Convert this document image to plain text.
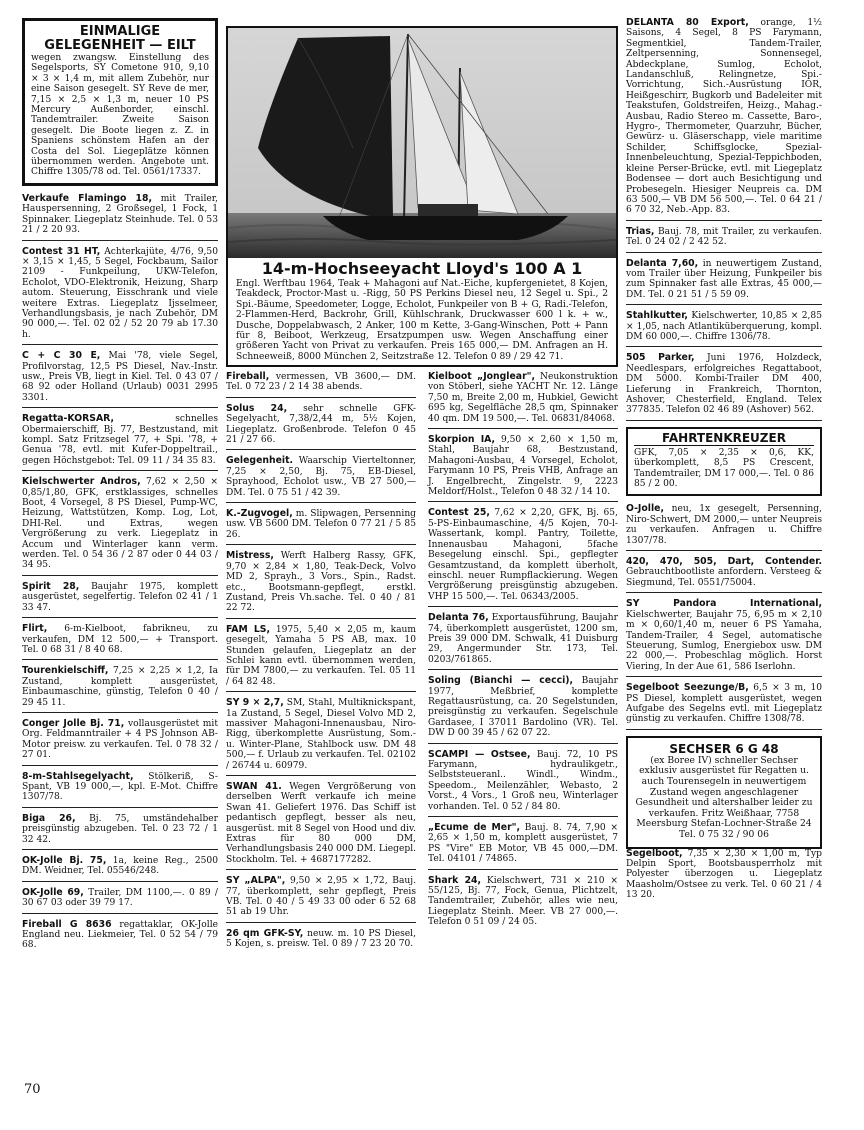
14-m-Hochseeyacht Lloyd's 100 A 1
Engl. Werftbau 1964, Teak + Mahagoni auf Nat.-Eiche, kupfergenietet, 8 Kojen, Teakdeck, Proctor-Mast u. -Rigg, 50 PS Perkins Diesel neu, 12 Segel u. Spi., 2 Spi.-Bäume, Speedometer, Logge, Echolot, Funkpeiler von B + G, Radi.-Telefon, 2-Flammen-Herd, Backrohr, Grill, Kühlschrank, Druckwasser 600 l k. + w., Dusche, Doppelabwasch, 2 Anker, 100 m Kette, 3-Gang-Winschen, Pott + Pann für 8, Beiboot, Werkzeug, Ersatzpumpen usw. Wegen Anschaffung einer größeren Yacht von Privat zu verkaufen. Preis 165 000,— DM. Anfragen an H. Schneeweiß, 8000 München 2, Seitzstraße 12. Telefon 0 89 / 29 42 71.
EINMALIGE GELEGENHEIT — EILT
wegen zwangsw. Einstellung des Segelsports, SY Cometone 910, 9,10 × 3 × 1,4 m, mit allem Zubehör, nur eine Saison gesegelt. SY Reve de mer, 7,15 × 2,5 × 1,3 m, neuer 10 PS Mercury Außenborder, einschl. Tandemtrailer. Zweite Saison gesegelt. Die Boote liegen z. Z. in Spaniens schönstem Hafen an der Costa del Sol. Liegeplätze können übernommen werden. Angebote unt. Chiffre 1305/78 od. Tel. 0561/17337.
Verkaufe Flamingo 18, mit Trailer, Hauspersenning, 2 Großsegel, 1 Fock, 1 Spinnaker. Liegeplatz Steinhude. Tel. 0 53 21 / 2 20 93.
Contest 31 HT, Achterkajüte, 4/76, 9,50 × 3,15 × 1,45, 5 Segel, Fockbaum, Sailor 2109 - Funkpeilung, UKW-Telefon, Echolot, VDO-Elektronik, Heizung, Sharp autom. Steuerung, Eisschrank und viele weitere Extras. Liegeplatz Ijsselmeer, Verhandlungsbasis, je nach Zubehör, DM 90 000,—. Tel. 02 02 / 52 20 79 ab 17.30 h.
C + C 30 E, Mai '78, viele Segel, Profilvorstag, 12,5 PS Diesel, Nav.-Instr. usw., Preis VB, liegt in Kiel. Tel. 0 43 07 / 68 92 oder Holland (Urlaub) 0031 2995 3301.
Regatta-KORSAR,	schnelles Obermaierschiff, Bj. 77, Bestzustand, mit kompl. Satz Fritzsegel 77, + Spi. '78, + Genua '78, evtl. mit Kufer-Doppeltrail., gegen Höchstgebot: Tel. 09 11 / 34 35 83.
Kielschwerter Andros, 7,62 × 2,50 × 0,85/1,80, GFK, erstklassiges, schnelles Boot, 4 Vorsegel, 8 PS Diesel, Pump-WC, Heizung, Wattstützen, Komp. Log, Lot, DHI-Rel. und Extras, wegen Vergrößerung zu verk. Liegeplatz in Accum und Winterlager kann verm. werden. Tel. 0 54 36 / 2 87 oder 0 44 03 / 34 95.
Spirit 28, Baujahr 1975, komplett ausgerüstet, segelfertig. Telefon 02 41 / 1 33 47.
Flirt, 6-m-Kielboot, fabrikneu, zu verkaufen, DM 12 500,— + Transport. Tel. 0 68 31 / 8 40 68.
Tourenkielschiff, 7,25 × 2,25 × 1,2, Ia Zustand, komplett ausgerüstet, Einbaumaschine, günstig, Telefon 0 40 / 29 45 11.
Conger Jolle Bj. 71, vollausgerüstet mit Org. Feldmanntrailer + 4 PS Johnson AB-Motor preisw. zu verkaufen. Tel. 0 78 32 / 27 01.
8-m-Stahlsegelyacht, Stölkeriß, S-Spant, VB 19 000,—, kpl. E-Mot. Chiffre 1307/78.
Biga 26, Bj. 75, umständehalber preisgünstig abzugeben. Tel. 0 23 72 / 1 32 42.
OK-Jolle Bj. 75, 1a, keine Reg., 2500 DM. Weidner, Tel. 05546/248.
OK-Jolle 69, Trailer, DM 1100,—. 0 89 / 30 67 03 oder 39 79 17.
Fireball G 8636 regattaklar, OK-Jolle England neu. Liekmeier, Tel. 0 52 54 / 79 68.
Fireball, vermessen, VB 3600,— DM. Tel. 0 72 23 / 2 14 38 abends.
Solus 24, sehr schnelle GFK-Segelyacht, 7,38/2,44 m, 5½ Kojen, Liegeplatz. Großenbrode. Telefon 0 45 21 / 27 66.
Gelegenheit. Waarschip Vierteltonner, 7,25 × 2,50, Bj. 75, EB-Diesel, Sprayhood, Echolot usw., VB 27 500,— DM. Tel. 0 75 51 / 42 39.
K.-Zugvogel, m. Slipwagen, Persenning usw. VB 5600 DM. Telefon 0 77 21 / 5 85 26.
Mistress, Werft Halberg Rassy, GFK, 9,70 × 2,84 × 1,80, Teak-Deck, Volvo MD 2, Sprayh., 3 Vors., Spin., Radst. etc., Bootsmann-gepflegt, erstkl. Zustand, Preis Vh.sache. Tel. 0 40 / 81 22 72.
FAM LS, 1975, 5,40 × 2,05 m, kaum gesegelt, Yamaha 5 PS AB, max. 10 Stunden gelaufen, Liegeplatz an der Schlei kann evtl. übernommen werden, für DM 7800,— zu verkaufen. Tel. 05 11 / 64 82 48.
SY 9 × 2,7, SM, Stahl, Multiknickspant, 1a Zustand, 5 Segel, Diesel Volvo MD 2, massiver Mahagoni-Innenausbau, Niro-Rigg, überkomplette Ausrüstung, Som.- u. Winter-Plane, Stahlbock usw. DM 48 500,— f. Urlaub zu verkaufen. Tel. 02102 / 26744 u. 60979.
SWAN 41. Wegen Vergrößerung von derselben Werft verkaufe ich meine Swan 41. Geliefert 1976. Das Schiff ist pedantisch gepflegt, besser als neu, ausgerüst. mit 8 Segel von Hood und div. Extras für 80 000 DM, Verhandlungsbasis 240 000 DM. Liegepl. Stockholm. Tel. + 4687177282.
SY „ALPA", 9,50 × 2,95 × 1,72, Bauj. 77, überkomplett, sehr gepflegt, Preis VB. Tel. 0 40 / 5 49 33 00 oder 6 52 68 51 ab 19 Uhr.
26 qm GFK-SY, neuw. m. 10 PS Diesel, 5 Kojen, s. preisw. Tel. 0 89 / 7 23 20 70.
Kielboot „Jonglear", Neukonstruktion von Stöberl, siehe YACHT Nr. 12. Länge 7,50 m, Breite 2,00 m, Hubkiel, Gewicht 695 kg, Segelfläche 28,5 qm, Spinnaker 40 qm. DM 19 500,—. Tel. 06831/84068.
Skorpion IA, 9,50 × 2,60 × 1,50 m, Stahl, Baujahr 68, Bestzustand, Mahagoni-Ausbau, 4 Vorsegel, Echolot, Farymann 10 PS, Preis VHB, Anfrage an J. Engelbrecht, Zingelstr. 9, 2223 Meldorf/Holst., Telefon 0 48 32 / 14 10.
Contest 25, 7,62 × 2,20, GFK, Bj. 65, 5-PS-Einbaumaschine, 4/5 Kojen, 70-l-Wassertank, kompl. Pantry, Toilette, Innenausbau Mahagoni, 5fache Besegelung einschl. Spi., gepflegter Gesamtzustand, da komplett überholt, einschl. neuer Rumpflackierung. Wegen Vergrößerung preisgünstig abzugeben. VHP 15 500,—. Tel. 06343/2005.
Delanta 76, Exportausführung, Baujahr 74, überkomplett ausgerüstet, 1200 sm, Preis 39 000 DM. Schwalk, 41 Duisburg 29, Angermunder Str. 173, Tel. 0203/761865.
Soling (Bianchi — cecci), Baujahr 1977, Meßbrief, komplette Regattausrüstung, ca. 20 Segelstunden, preisgünstig zu verkaufen. Segelschule Gardasee, I 37011 Bardolino (VR). Tel. DW D 00 39 45 / 62 07 22.
SCAMPI — Ostsee, Bauj. 72, 10 PS Farymann, hydraulikgetr., Selbststeueranl.. Windl., Windm., Speedom., Meilenzähler, Webasto, 2 Vorst., 4 Vors., 1 Groß neu, Winterlager vorhanden. Tel. 0 52 / 84 80.
„Ecume de Mer", Bauj. 8. 74, 7,90 × 2,65 × 1,50 m, komplett ausgerüstet, 7 PS "Vire" EB Motor, VB 45 000,—DM. Tel. 04101 / 74865.
Shark 24, Kielschwert, 731 × 210 × 55/125, Bj. 77, Fock, Genua, Plichtzelt, Tandemtrailer, Zubehör, alles wie neu, Liegeplatz Steinh. Meer. VB 27 000,—. Telefon 0 51 09 / 24 05.
DELANTA 80 Export, orange, 1½ Saisons, 4 Segel, 8 PS Farymann, Segmentkiel, Tandem-Trailer, Zeltpersenning, Sonnensegel, Abdeckplane, Sumlog, Echolot, Landanschluß, Relingnetze, Spi.-Vorrichtung, Sich.-Ausrüstung IOR, Heißgeschirr, Bugkorb und Badeleiter mit Teakstufen, Goldstreifen, Heizg., Mahag.-Ausbau, Radio Stereo m. Cassette, Baro-, Hygro-, Thermometer, Quarzuhr, Bücher, Gewürz- u. Gläserschapp, viele maritime Schilder, Schiffsglocke, Spezial-Innenbeleuchtung, Spezial-Teppichboden, kleine Perser-Brücke, evtl. mit Liegeplatz Bodensee — dort auch Besichtigung und Probesegeln. Hiesiger Neupreis ca. DM 63 500,— VB DM 56 500,—. Tel. 0 64 21 / 6 70 32, Neb.-App. 83.
Trias, Bauj. 78, mit Trailer, zu verkaufen. Tel. 0 24 02 / 2 42 52.
Delanta 7,60, in neuwertigem Zustand, vom Trailer über Heizung, Funkpeiler bis zum Spinnaker fast alle Extras, 45 000,— DM. Tel. 0 21 51 / 5 59 09.
Stahlkutter, Kielschwerter, 10,85 × 2,85 × 1,05, nach Atlantiküberquerung, kompl. DM 60 000,—. Chiffre 1306/78.
505 Parker, Juni 1976, Holzdeck, Needlespars, erfolgreiches Regattaboot, DM 5000. Kombi-Trailer DM 400, Lieferung in Frankreich, Thornton, Ashover, Chesterfield, England. Telex 377835. Telefon 02 46 89 (Ashover) 562.
FAHRTENKREUZER
GFK, 7,05 × 2,35 × 0,6, KK, überkomplett, 8,5 PS Crescent, Tandemtrailer, DM 17 000,—. Tel. 0 86 85 / 2 00.
O-Jolle, neu, 1x gesegelt, Persenning, Niro-Schwert, DM 2000,— unter Neupreis zu verkaufen. Anfragen u. Chiffre 1307/78.
420, 470, 505, Dart, Contender. Gebrauchtbootliste anfordern. Versteeg & Siegmund, Tel. 0551/75004.
SY Pandora International, Kielschwerter, Baujahr 75, 6,95 m × 2,10 m × 0,60/1,40 m, neuer 6 PS Yamaha, Tandem-Trailer, 4 Segel, automatische Steuerung, Sumlog, Energiebox usw. DM 22 000,—. Probeschlag möglich. Horst Viering, In der Aue 61, 586 Iserlohn.
Segelboot Seezunge/B, 6,5 × 3 m, 10 PS Diesel, komplett ausgerüstet, wegen Aufgabe des Segelns evtl. mit Liegeplatz günstig zu verkaufen. Chiffre 1308/78.
SECHSER 6 G 48
(ex Boree IV) schneller Sechser exklusiv ausgerüstet für Regatten u. auch Tourensegeln in neuwertigem Zustand wegen angeschlagener Gesundheit und altershalber leider zu verkaufen. Fritz Weißhaar, 7758 Meersburg Stefan-Lochner-Straße 24 Tel. 0 75 32 / 90 06
Segelboot, 7,35 × 2,30 × 1,00 m, Typ Delpin Sport, Bootsbausperrholz mit Polyester überzogen u. Liegeplatz Maasholm/Ostsee zu verk. Tel. 0 60 21 / 4 13 20.
70
